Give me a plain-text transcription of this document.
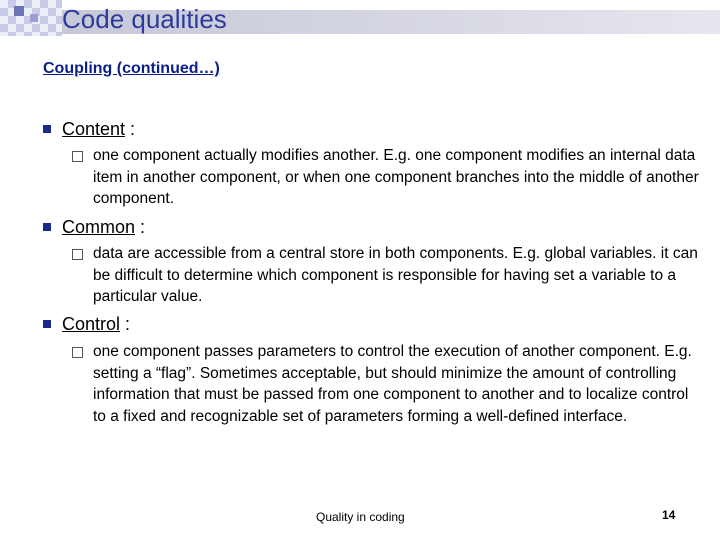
Code qualities
Coupling (continued…)
Content :
one component actually modifies another. E.g. one component modifies an internal data item in another component, or when one component branches into the middle of another component.
Common :
data are accessible from a central store in both components. E.g. global variables. it can be difficult to determine which component is responsible for having set a variable to a particular value.
Control :
one component passes parameters to control the execution of another component. E.g. setting a “flag”. Sometimes acceptable, but should minimize the amount of controlling information that must be passed from one component to another and to localize control to a fixed and recognizable set of parameters forming a well-defined interface.
Quality in coding	14
